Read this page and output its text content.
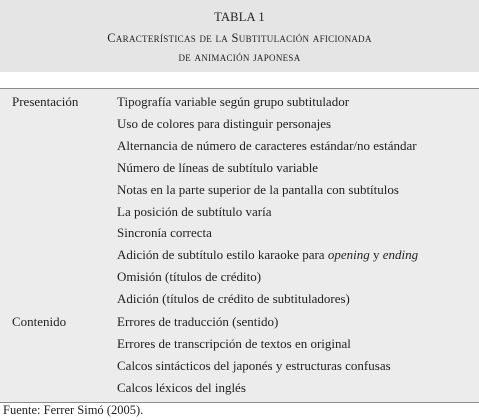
TABLA 1
Características de la Subtitulación aficionada
de animación japonesa
Presentación	Tipografía variable según grupo subtitulador
Uso de colores para distinguir personajes
Alternancia de número de caracteres estándar/no estándar
Número de líneas de subtítulo variable
Notas en la parte superior de la pantalla con subtítulos
La posición de subtítulo varía
Sincronía correcta
Adición de subtítulo estilo karaoke para opening y ending
Omisión (títulos de crédito)
Adición (títulos de crédito de subtituladores)
Contenido	Errores de traducción (sentido)
Errores de transcripción de textos en original
Calcos sintácticos del japonés y estructuras confusas
Calcos léxicos del inglés
Fuente: Ferrer Simó (2005).
